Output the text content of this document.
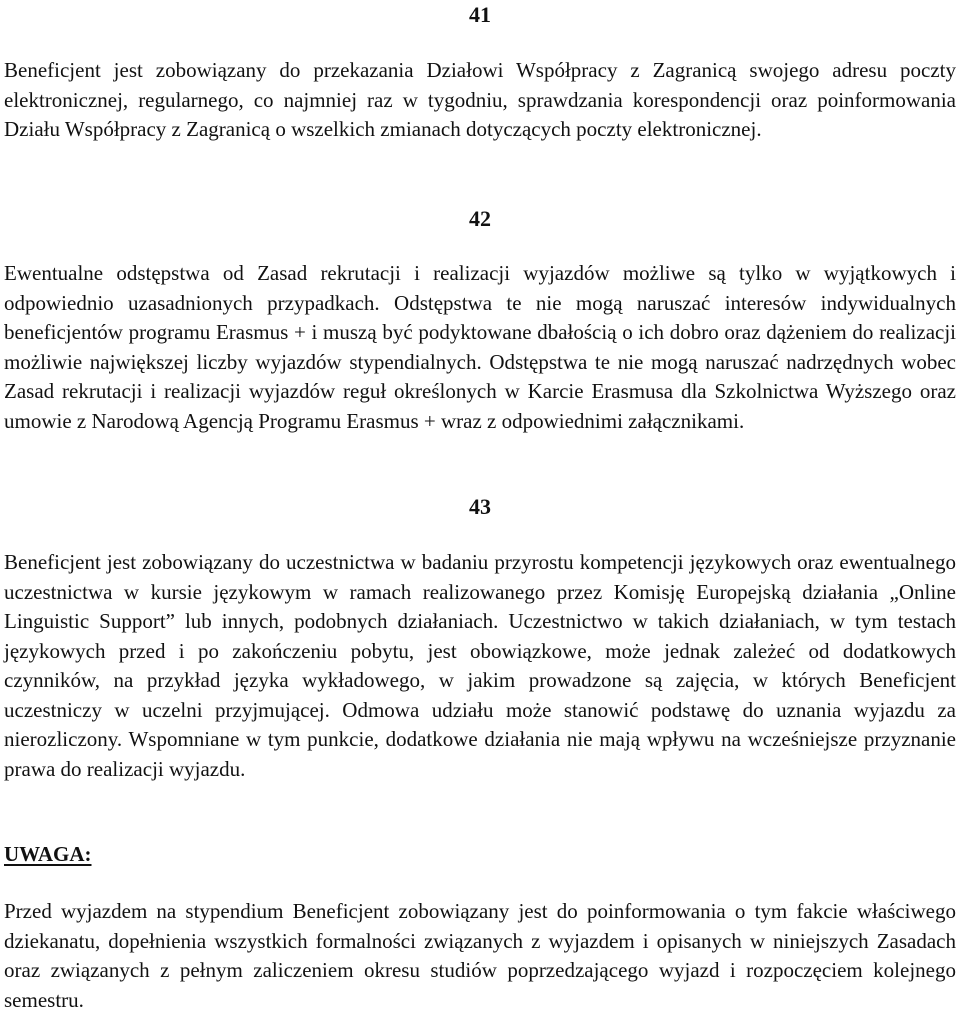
41

Beneficjent jest zobowiązany do przekazania Działowi Współpracy z Zagranicą swojego adresu poczty elektronicznej, regularnego, co najmniej raz w tygodniu, sprawdzania korespondencji oraz poinformowania Działu Współpracy z Zagranicą o wszelkich zmianach dotyczących poczty elektronicznej.

42

Ewentualne odstępstwa od Zasad rekrutacji i realizacji wyjazdów możliwe są tylko w wyjątkowych i odpowiednio uzasadnionych przypadkach. Odstępstwa te nie mogą naruszać interesów indywidualnych beneficjentów programu Erasmus + i muszą być podyktowane dbałością o ich dobro oraz dążeniem do realizacji możliwie największej liczby wyjazdów stypendialnych. Odstępstwa te nie mogą naruszać nadrzędnych wobec Zasad rekrutacji i realizacji wyjazdów reguł określonych w Karcie Erasmusa dla Szkolnictwa Wyższego oraz umowie z Narodową Agencją Programu Erasmus + wraz z odpowiednimi załącznikami.

43

Beneficjent jest zobowiązany do uczestnictwa w badaniu przyrostu kompetencji językowych oraz ewentualnego uczestnictwa w kursie językowym w ramach realizowanego przez Komisję Europejską działania „Online Linguistic Support” lub innych, podobnych działaniach. Uczestnictwo w takich działaniach, w tym testach językowych przed i po zakończeniu pobytu, jest obowiązkowe, może jednak zależeć od dodatkowych czynników, na przykład języka wykładowego, w jakim prowadzone są zajęcia, w których Beneficjent uczestniczy w uczelni przyjmującej. Odmowa udziału może stanowić podstawę do uznania wyjazdu za nierozliczony. Wspomniane w tym punkcie, dodatkowe działania nie mają wpływu na wcześniejsze przyznanie prawa do realizacji wyjazdu.

UWAGA:

Przed wyjazdem na stypendium Beneficjent zobowiązany jest do poinformowania o tym fakcie właściwego dziekanatu, dopełnienia wszystkich formalności związanych z wyjazdem i opisanych w niniejszych Zasadach oraz związanych z pełnym zaliczeniem okresu studiów poprzedzającego wyjazd i rozpoczęciem kolejnego semestru.
